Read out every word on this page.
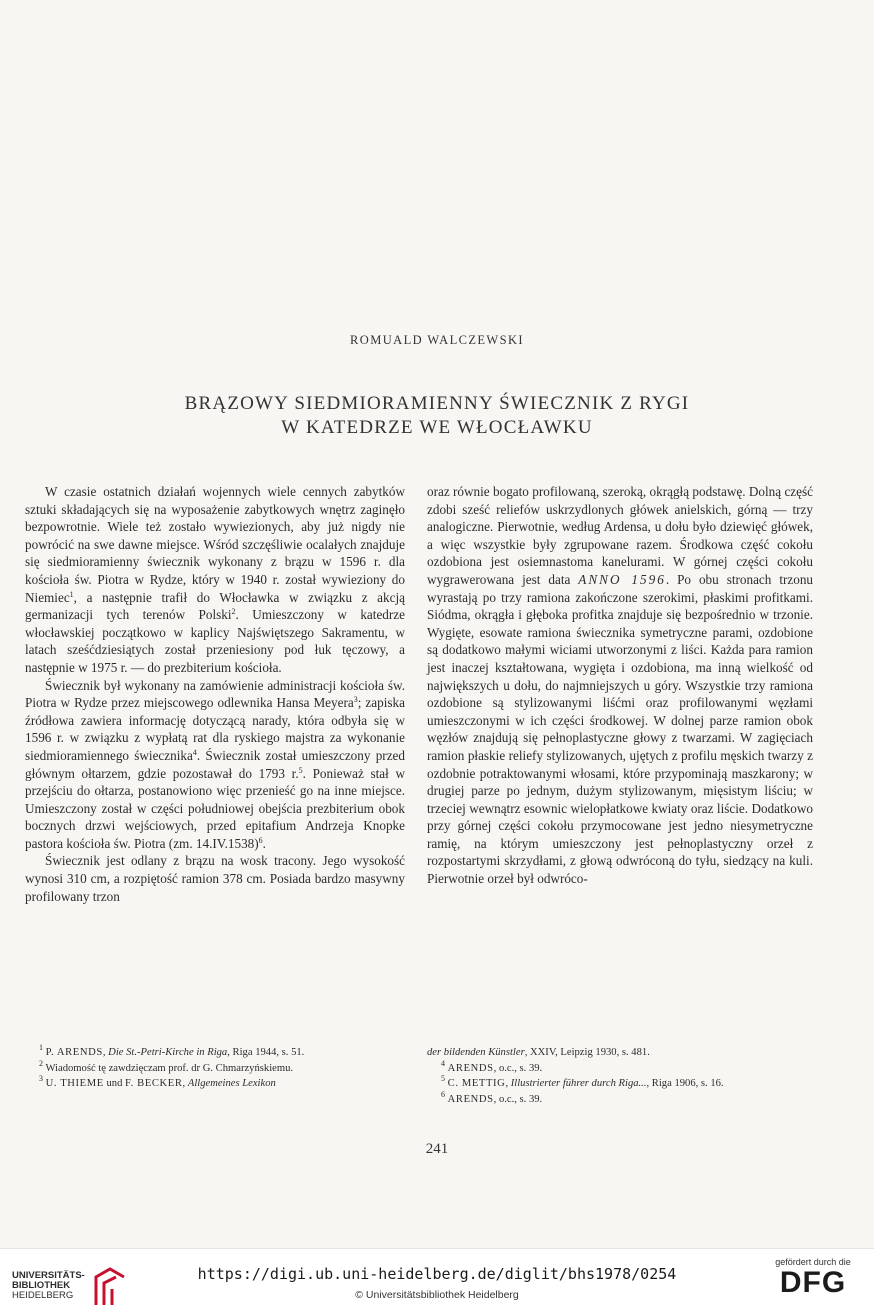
ROMUALD WALCZEWSKI
BRĄZOWY SIEDMIORAMIENNY ŚWIECZNIK Z RYGI
W KATEDRZE WE WŁOCŁAWKU

W czasie ostatnich działań wojennych wiele cennych zabytków sztuki składających się na wyposażenie zabytkowych wnętrz zaginęło bezpowrotnie. Wiele też zostało wywiezionych, aby już nigdy nie powrócić na swe dawne miejsce. Wśród szczęśliwie ocalałych znajduje się siedmioramienny świecznik wykonany z brązu w 1596 r. dla kościoła św. Piotra w Rydze, który w 1940 r. został wywieziony do Niemiec$^1$, a następnie trafił do Włocławka w związku z akcją germanizacji tych terenów Polski$^2$. Umieszczony w katedrze włocławskiej początkowo w kaplicy Najświętszego Sakramentu, w latach sześćdziesiątych został przeniesiony pod łuk tęczowy, a następnie w 1975 r. — do prezbiterium kościoła.

Świecznik był wykonany na zamówienie administracji kościoła św. Piotra w Rydze przez miejscowego odlewnika Hansa Meyera$^3$; zapiska źródłowa zawiera informację dotyczącą narady, która odbyła się w 1596 r. w związku z wypłatą rat dla ryskiego majstra za wykonanie siedmioramiennego świecznika$^4$. Świecznik został umieszczony przed głównym ołtarzem, gdzie pozostawał do 1793 r.$^5$. Ponieważ stał w przejściu do ołtarza, postanowiono więc przenieść go na inne miejsce. Umieszczony został w części południowej obejścia prezbiterium obok bocznych drzwi wejściowych, przed epitafium Andrzeja Knopke pastora kościoła św. Piotra (zm. 14.IV.1538)$^6$.

Świecznik jest odlany z brązu na wosk tracony. Jego wysokość wynosi 310 cm, a rozpiętość ramion 378 cm. Posiada bardzo masywny profilowany trzon

oraz równie bogato profilowaną, szeroką, okrągłą podstawę. Dolną część zdobi sześć reliefów uskrzydlonych główek anielskich, górną — trzy analogiczne. Pierwotnie, według Ardensa, u dołu było dziewięć główek, a więc wszystkie były zgrupowane razem. Środkowa część cokołu ozdobiona jest osiemnastoma kanelurami. W górnej części cokołu wygrawerowana jest data ANNO 1596. Po obu stronach trzonu wyrastają po trzy ramiona zakończone szerokimi, płaskimi profitkami. Siódma, okrągła i głęboka profitka znajduje się bezpośrednio w trzonie. Wygięte, esowate ramiona świecznika symetryczne parami, ozdobione są dodatkowo małymi wiciami utworzonymi z liści. Każda para ramion jest inaczej kształtowana, wygięta i ozdobiona, ma inną wielkość od największych u dołu, do najmniejszych u góry. Wszystkie trzy ramiona ozdobione są stylizowanymi liśćmi oraz profilowanymi węzłami umieszczonymi w ich części środkowej. W dolnej parze ramion obok węzłów znajdują się pełnoplastyczne głowy z twarzami. W zagięciach ramion płaskie reliefy stylizowanych, ujętych z profilu męskich twarzy z ozdobnie potraktowanymi włosami, które przypominają maszkarony; w drugiej parze po jednym, dużym stylizowanym, mięsistym liściu; w trzeciej wewnątrz esownic wielopłatkowe kwiaty oraz liście. Dodatkowo przy górnej części cokołu przymocowane jest jedno niesymetryczne ramię, na którym umieszczony jest pełnoplastyczny orzeł z rozpostartymi skrzydłami, z głową odwróconą do tyłu, siedzący na kuli. Pierwotnie orzeł był odwróco-

$^1$ P. ARENDS, Die St.-Petri-Kirche in Riga, Riga 1944, s. 51.

$^2$ Wiadomość tę zawdzięczam prof. dr G. Chmarzyńskiemu.

$^3$ U. THIEME und F. BECKER, Allgemeines Lexikon

der bildenden Künstler, XXIV, Leipzig 1930, s. 481.

$^4$ ARENDS, o.c., s. 39.

$^5$ C. METTIG, Illustrierter führer durch Riga..., Riga 1906, s. 16.

$^6$ ARENDS, o.c., s. 39.

241
UNIVERSITÄTS-
BIBLIOTHEK
HEIDELBERG
https://digi.ub.uni-heidelberg.de/diglit/bhs1978/0254
© Universitätsbibliothek Heidelberg
gefördert durch die
DFG
